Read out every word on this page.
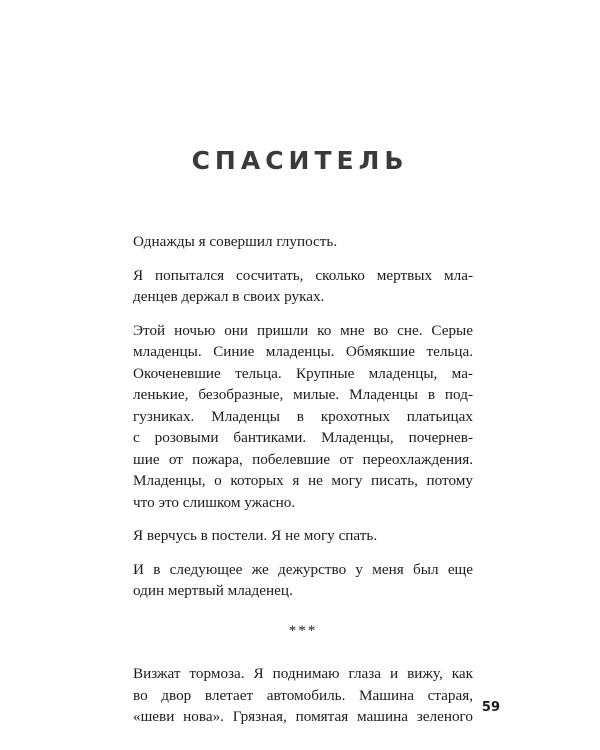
СПАСИТЕЛЬ
Однажды я совершил глупость.
Я попытался сосчитать, сколько мертвых мла-
денцев держал в своих руках.
Этой ночью они пришли ко мне во сне. Серые
младенцы. Синие младенцы. Обмякшие тельца.
Окоченевшие тельца. Крупные младенцы, ма-
ленькие, безобразные, милые. Младенцы в под-
гузниках. Младенцы в крохотных платьицах
с розовыми бантиками. Младенцы, почернев-
шие от пожара, побелевшие от переохлаждения.
Младенцы, о которых я не могу писать, потому
что это слишком ужасно.
Я верчусь в постели. Я не могу спать.
И в следующее же дежурство у меня был еще
один мертвый младенец.
***
Визжат тормоза. Я поднимаю глаза и вижу, как
во двор влетает автомобиль. Машина старая,
«шеви нова». Грязная, помятая машина зеленого
59
